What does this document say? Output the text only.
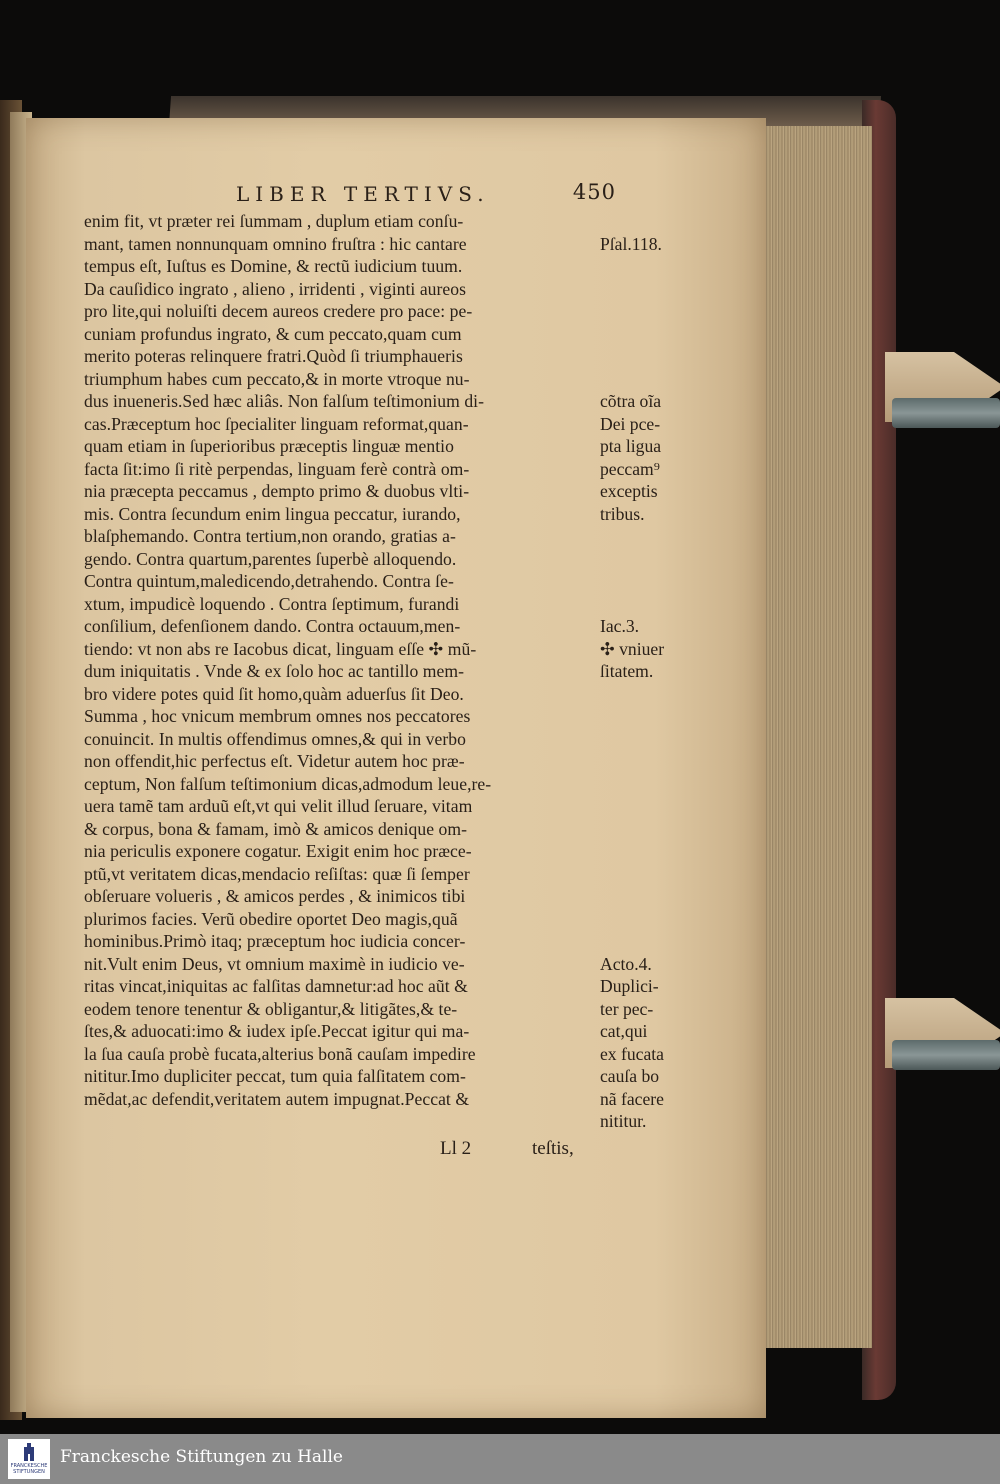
LIBER TERTIVS.	450
enim fit, vt præter rei ſummam , duplum etiam conſu-
mant, tamen nonnunquam omnino fruſtra : hic cantare
tempus eſt, Iuſtus es Domine, & rectũ iudicium tuum.
Da cauſidico ingrato , alieno , irridenti , viginti aureos
pro lite,qui noluiſti decem aureos credere pro pace: pe-
cuniam profundus ingrato, & cum peccato,quam cum
merito poteras relinquere fratri.Quòd ſi triumphaueris
triumphum habes cum peccato,& in morte vtroque nu-
dus inueneris.Sed hæc aliâs. Non falſum teſtimonium di-
cas.Præceptum hoc ſpecialiter linguam reformat,quan-
quam etiam in ſuperioribus præceptis linguæ mentio
facta ſit:imo ſi ritè perpendas, linguam ferè contrà om-
nia præcepta peccamus , dempto primo & duobus vlti-
mis. Contra ſecundum enim lingua peccatur, iurando,
blaſphemando. Contra tertium,non orando, gratias a-
gendo. Contra quartum,parentes ſuperbè alloquendo.
Contra quintum,maledicendo,detrahendo. Contra ſe-
xtum, impudicè loquendo . Contra ſeptimum, furandi
conſilium, defenſionem dando. Contra octauum,men-
tiendo: vt non abs re Iacobus dicat, linguam eſſe ✣ mũ-
dum iniquitatis . Vnde & ex ſolo hoc ac tantillo mem-
bro videre potes quid ſit homo,quàm aduerſus ſit Deo.
Summa , hoc vnicum membrum omnes nos peccatores
conuincit. In multis offendimus omnes,& qui in verbo
non offendit,hic perfectus eſt. Videtur autem hoc præ-
ceptum, Non falſum teſtimonium dicas,admodum leue,re-
uera tamẽ tam arduũ eſt,vt qui velit illud ſeruare, vitam
& corpus, bona & famam, imò & amicos denique om-
nia periculis exponere cogatur. Exigit enim hoc præce-
ptũ,vt veritatem dicas,mendacio reſiſtas: quæ ſi ſemper
obſeruare volueris , & amicos perdes , & inimicos tibi
plurimos facies. Verũ obedire oportet Deo magis,quã
hominibus.Primò itaq; præceptum hoc iudicia concer-
nit.Vult enim Deus, vt omnium maximè in iudicio ve-
ritas vincat,iniquitas ac falſitas damnetur:ad hoc aũt &
eodem tenore tenentur & obligantur,& litigãtes,& te-
ſtes,& aduocati:imo & iudex ipſe.Peccat igitur qui ma-
la ſua cauſa probè fucata,alterius bonã cauſam impedire
nititur.Imo dupliciter peccat, tum quia falſitatem com-
mẽdat,ac defendit,veritatem autem impugnat.Peccat &
Pſal.118.
cõtra oĩa
Dei pce-
pta ligua
peccam⁹
exceptis
tribus.
Iac.3.
✣ vniuer
ſitatem.
Acto.4.
Duplici-
ter pec-
cat,qui
ex fucata
cauſa bo
nã facere
nititur.
Ll 2	teſtis,
FRANCKESCHE STIFTUNGEN
Franckesche Stiftungen zu Halle
